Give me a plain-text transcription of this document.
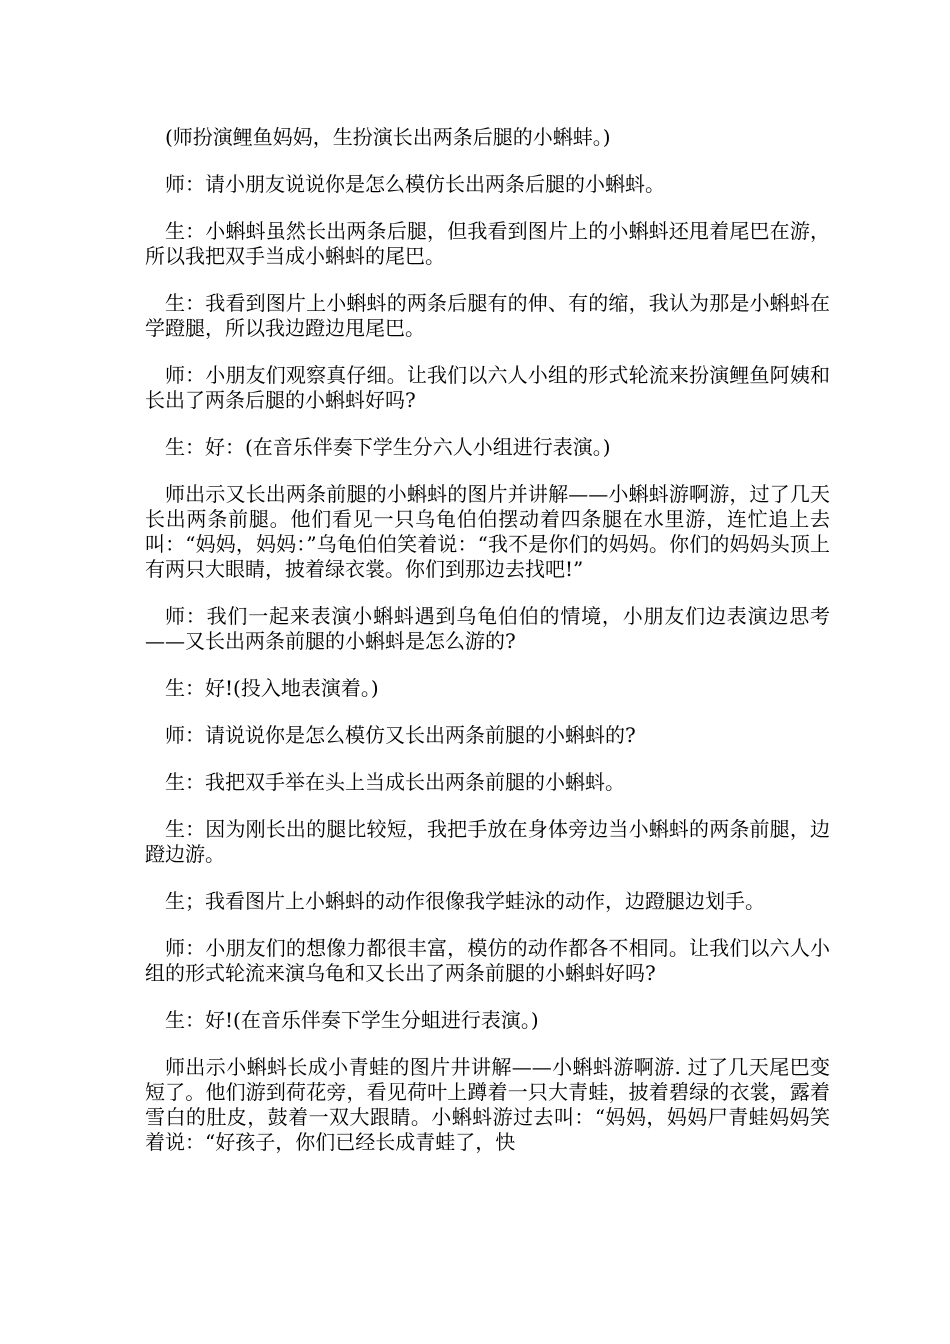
(师扮演鲤鱼妈妈，生扮演长出两条后腿的小蝌蚌。)

师：请小朋友说说你是怎么模仿长出两条后腿的小蝌蚪。

生：小蝌蚪虽然长出两条后腿，但我看到图片上的小蝌蚪还甩着尾巴在游，所以我把双手当成小蝌蚪的尾巴。

生：我看到图片上小蝌蚪的两条后腿有的伸、有的缩，我认为那是小蝌蚪在学蹬腿，所以我边蹬边甩尾巴。

师：小朋友们观察真仔细。让我们以六人小组的形式轮流来扮演鲤鱼阿姨和长出了两条后腿的小蝌蚪好吗?

生：好：(在音乐伴奏下学生分六人小组进行表演。)

师出示又长出两条前腿的小蝌蚪的图片并讲解——小蝌蚪游啊游，过了几天长出两条前腿。他们看见一只乌龟伯伯摆动着四条腿在水里游，连忙追上去叫：“妈妈，妈妈：”乌龟伯伯笑着说：“我不是你们的妈妈。你们的妈妈头顶上有两只大眼睛，披着绿衣裳。你们到那边去找吧!”

师：我们一起来表演小蝌蚪遇到乌龟伯伯的情境，小朋友们边表演边思考——又长出两条前腿的小蝌蚪是怎么游的?

生：好!(投入地表演着。)

师：请说说你是怎么模仿又长出两条前腿的小蝌蚪的?

生：我把双手举在头上当成长出两条前腿的小蝌蚪。

生：因为刚长出的腿比较短，我把手放在身体旁边当小蝌蚪的两条前腿，边蹬边游。

生；我看图片上小蝌蚪的动作很像我学蛙泳的动作，边蹬腿边划手。

师：小朋友们的想像力都很丰富，模仿的动作都各不相同。让我们以六人小组的形式轮流来演乌龟和又长出了两条前腿的小蝌蚪好吗?

生：好!(在音乐伴奏下学生分蛆进行表演。)

师出示小蝌蚪长成小青蛙的图片井讲解——小蝌蚪游啊游. 过了几天尾巴变短了。他们游到荷花旁，看见荷叶上蹲着一只大青蛙，披着碧绿的衣裳，露着雪白的肚皮，鼓着一双大跟睛。小蝌蚪游过去叫：“妈妈，妈妈尸青蛙妈妈笑着说：“好孩子，你们已经长成青蛙了，快
